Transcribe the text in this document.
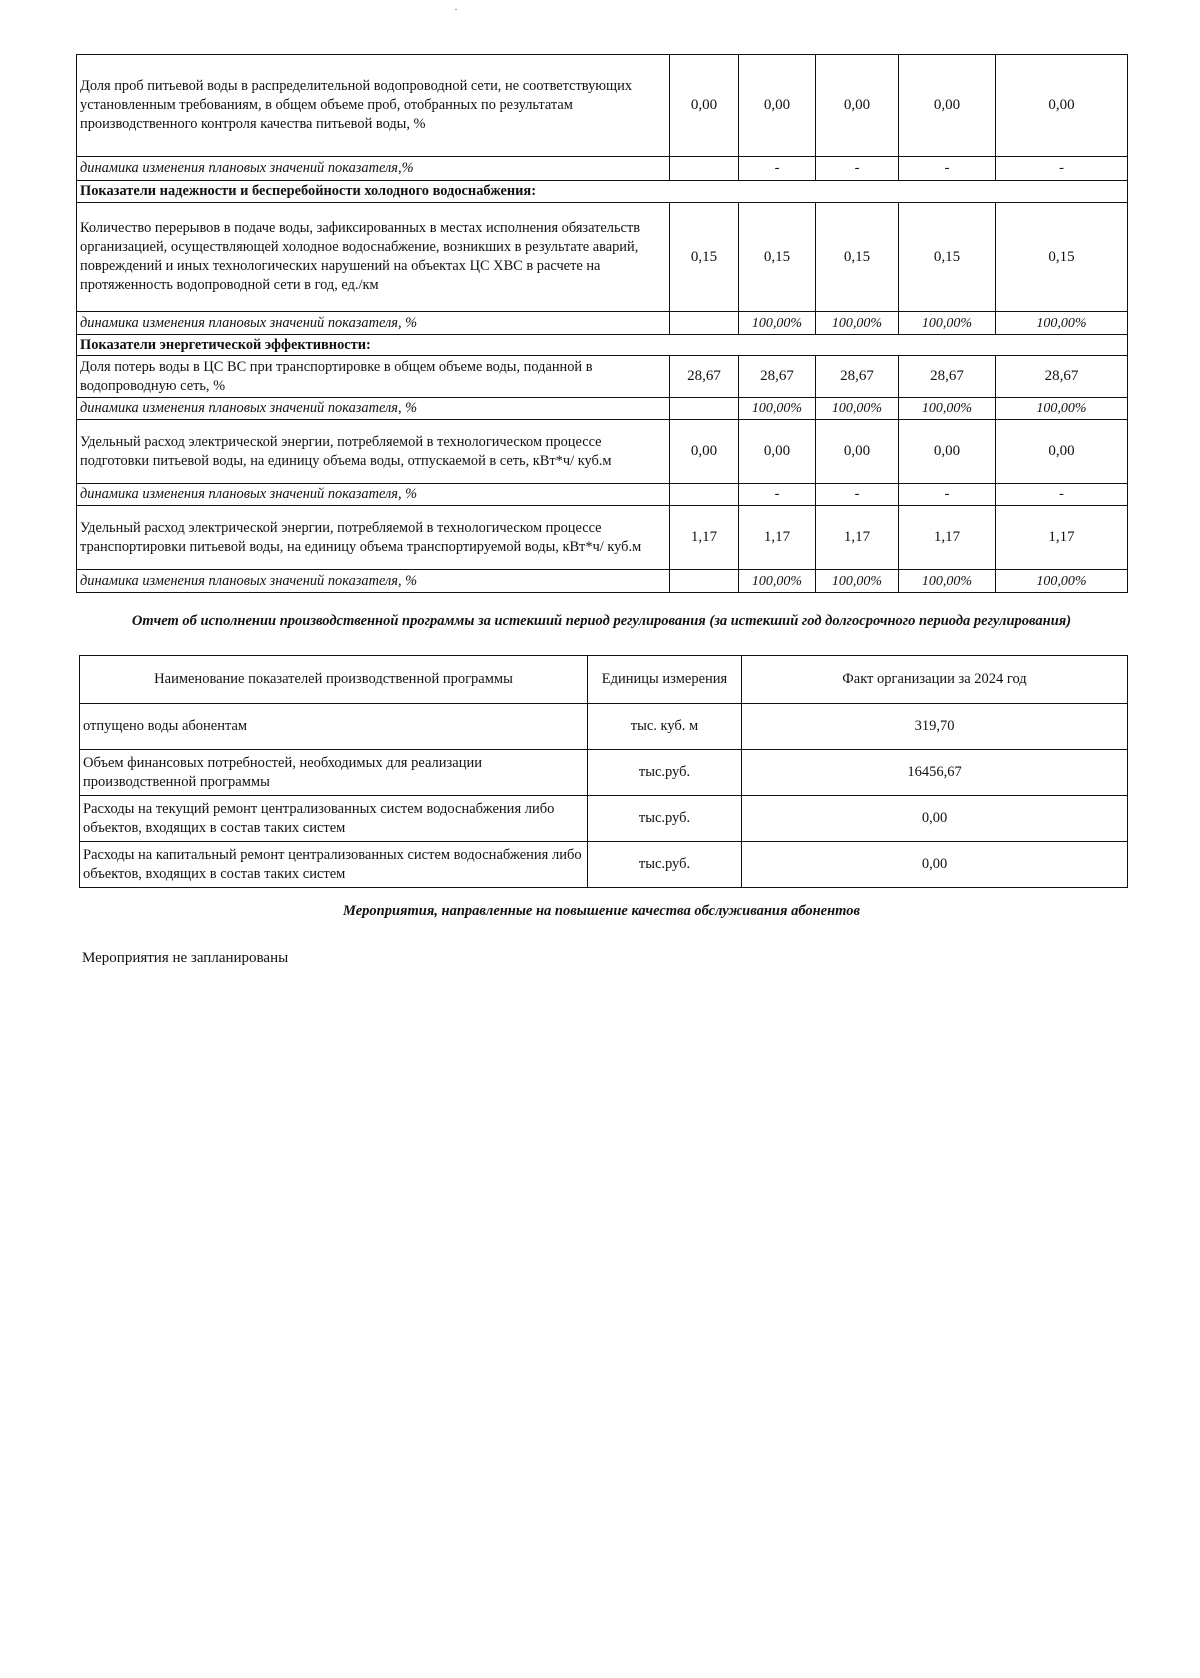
Доля проб питьевой воды в распределительной водопроводной сети, не соответствующих установленным требованиям, в общем объеме проб, отобранных по результатам производственного контроля качества питьевой воды, %	0,00	0,00	0,00	0,00	0,00
динамика изменения плановых значений показателя,%		-	-	-	-
Показатели надежности и бесперебойности холодного водоснабжения:					
Количество перерывов в подаче воды, зафиксированных в местах исполнения обязательств организацией, осуществляющей холодное водоснабжение, возникших в результате аварий, повреждений и иных технологических нарушений на объектах ЦС ХВС в расчете на протяженность водопроводной сети в год, ед./км	0,15	0,15	0,15	0,15	0,15
динамика изменения плановых значений показателя, %		100,00%	100,00%	100,00%	100,00%
Показатели энергетической эффективности:					
Доля потерь воды в ЦС ВС при транспортировке в общем объеме воды, поданной в водопроводную сеть, %	28,67	28,67	28,67	28,67	28,67
динамика изменения плановых значений показателя, %		100,00%	100,00%	100,00%	100,00%
Удельный расход электрической энергии, потребляемой в технологическом процессе подготовки питьевой воды, на единицу объема воды, отпускаемой в сеть, кВт*ч/ куб.м	0,00	0,00	0,00	0,00	0,00
динамика изменения плановых значений показателя, %		-	-	-	-
Удельный расход электрической энергии, потребляемой в технологическом процессе транспортировки питьевой воды, на единицу объема транспортируемой воды, кВт*ч/ куб.м	1,17	1,17	1,17	1,17	1,17
динамика изменения плановых значений показателя, %		100,00%	100,00%	100,00%	100,00%
Отчет об исполнении производственной программы за истекший период регулирования (за истекший год долгосрочного периода регулирования)
Наименование показателей производственной программы	Единицы измерения	Факт организации за 2024 год
отпущено воды абонентам	тыс. куб. м	319,70
Объем финансовых потребностей, необходимых для реализации производственной программы	тыс.руб.	16456,67
Расходы на текущий ремонт централизованных систем водоснабжения либо объектов, входящих в состав таких систем	тыс.руб.	0,00
Расходы на капитальный ремонт централизованных систем водоснабжения либо объектов, входящих в состав таких систем	тыс.руб.	0,00
Мероприятия, направленные на повышение качества обслуживания абонентов
Мероприятия не запланированы
